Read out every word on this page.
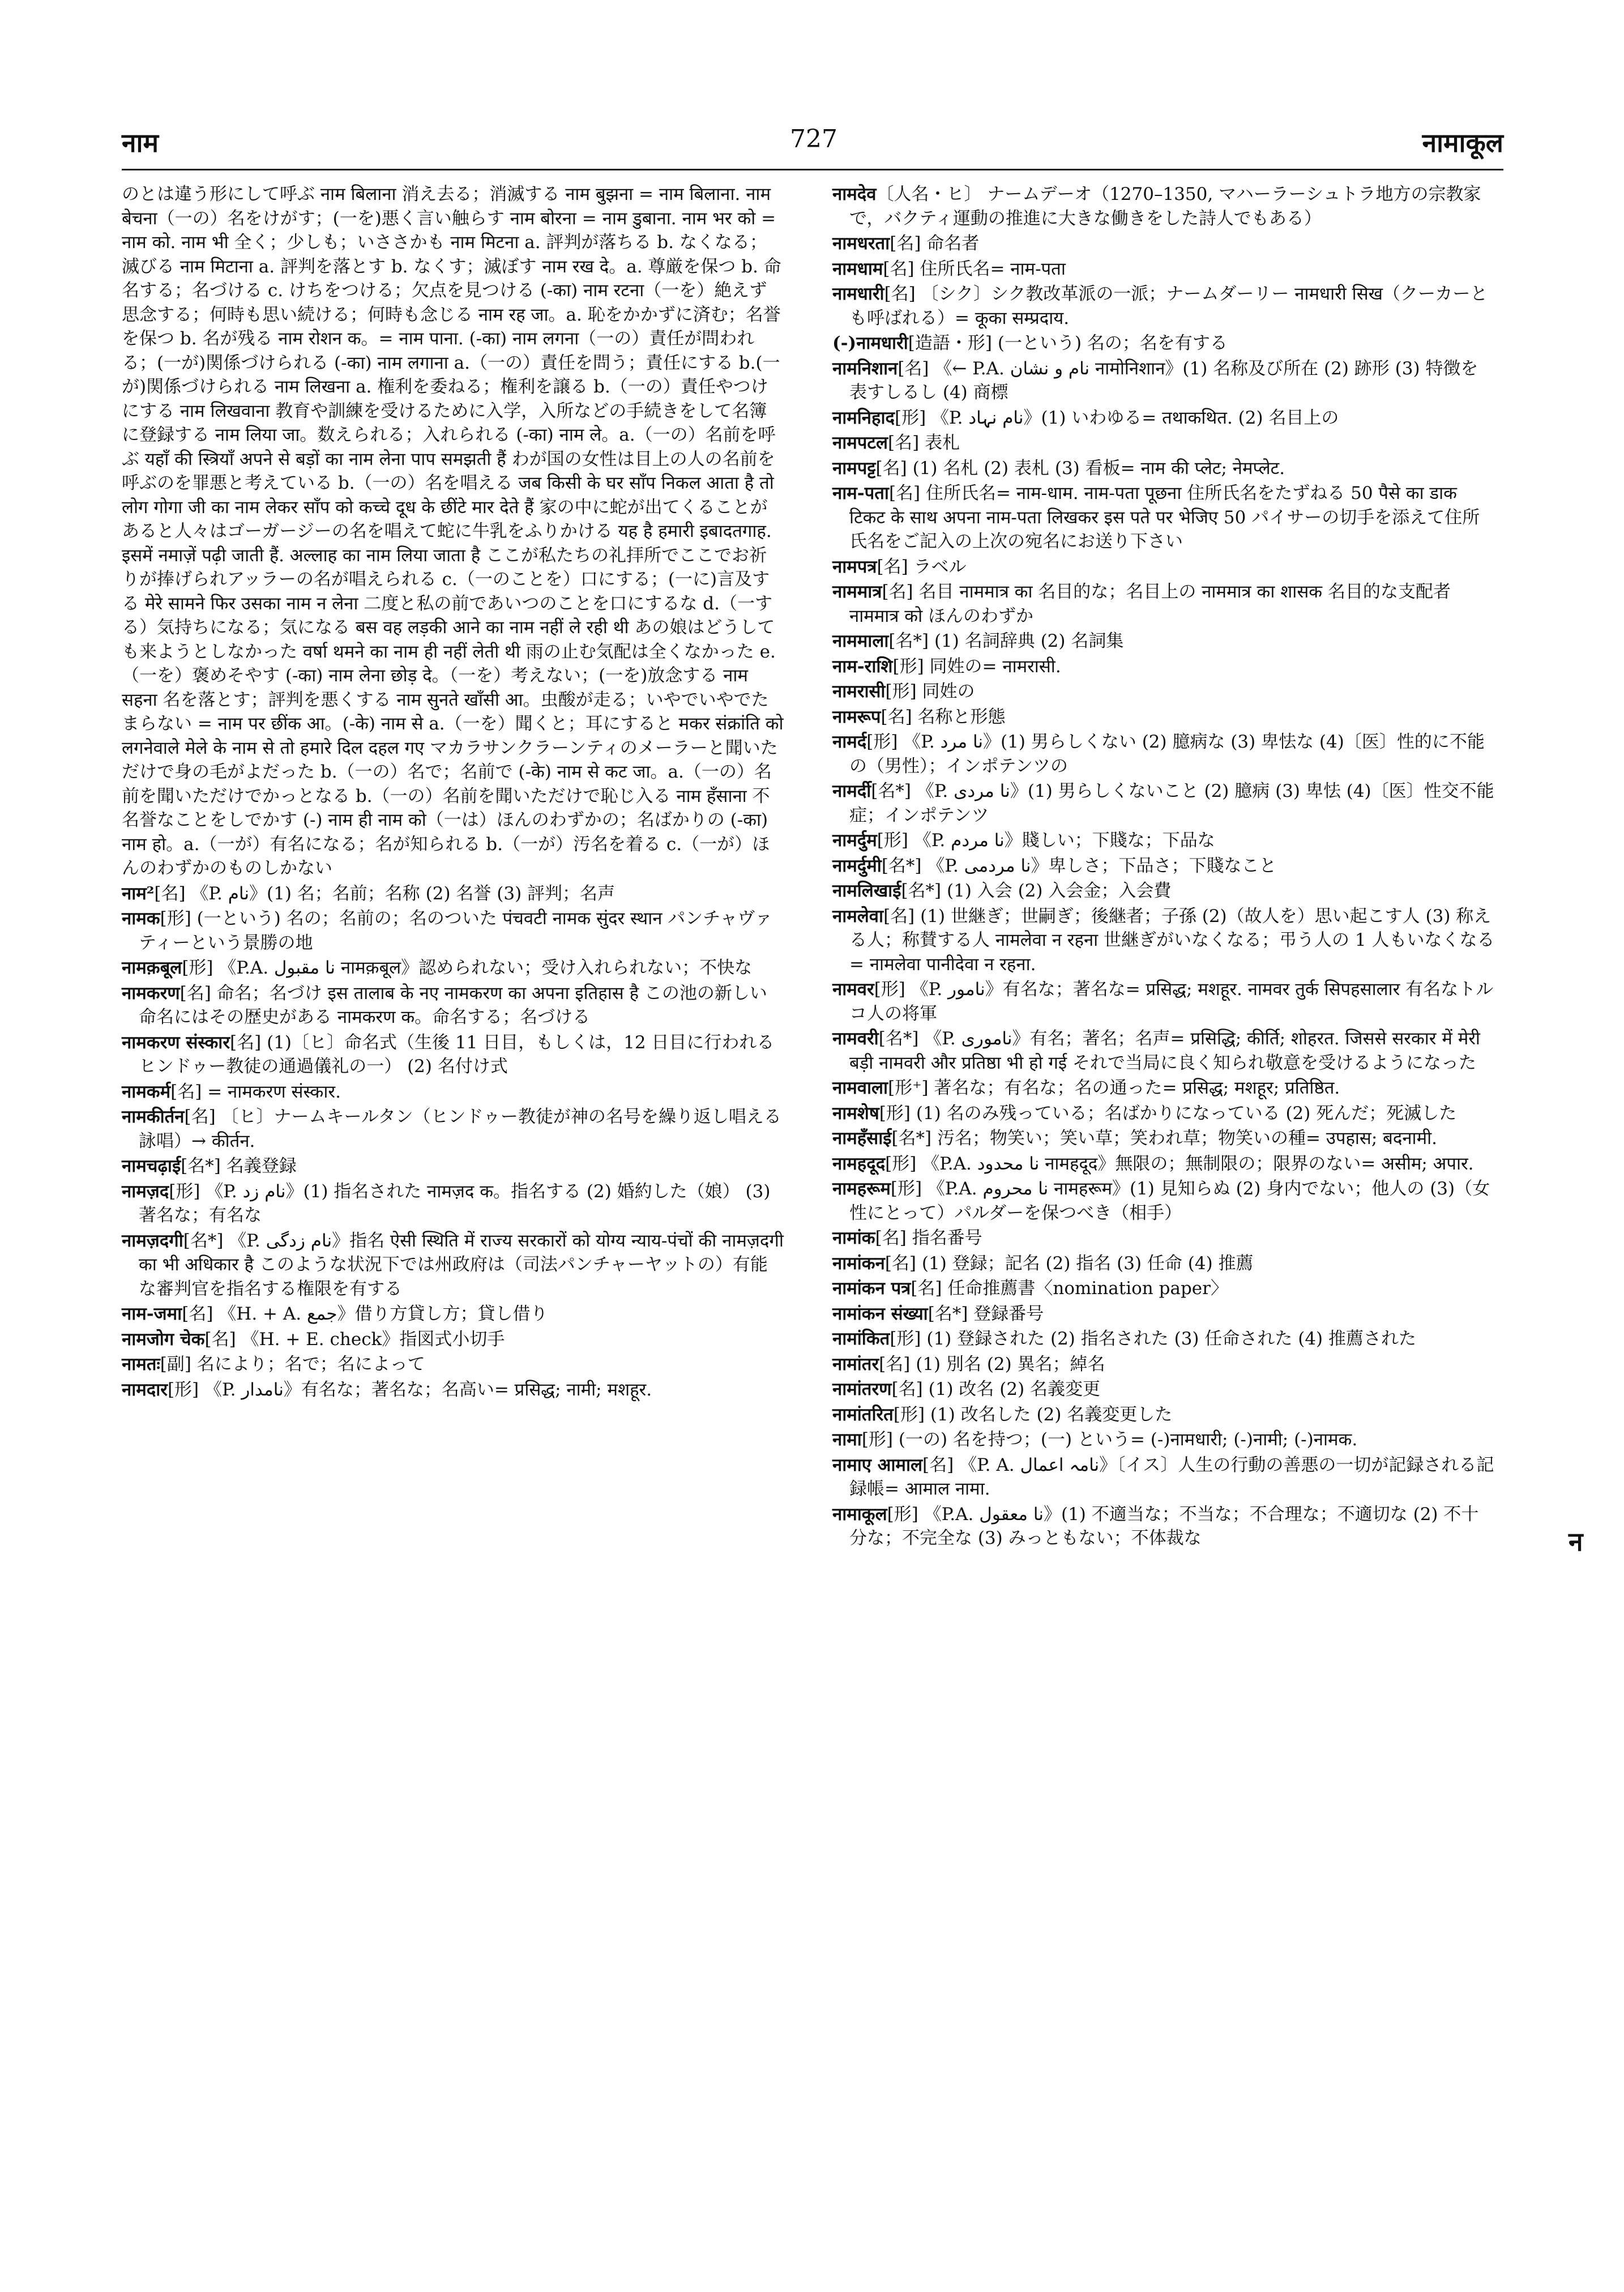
नाम	727	नामाकूल

のとは違う形にして呼ぶ नाम बिलाना 消え去る；消滅する नाम बुझना = नाम बिलाना. नाम बेचना（一の）名をけがす；(一を)悪く言い触らす नाम बोरना = नाम डुबाना. नाम भर को = नाम को. नाम भी 全く；少しも；いささかも नाम मिटना a. 評判が落ちる b. なくなる；滅びる नाम मिटाना a. 評判を落とす b. なくす；滅ぼす नाम रख दे。a. 尊厳を保つ b. 命名する；名づける c. けちをつける；欠点を見つける (-का) नाम रटना（一を）絶えず思念する；何時も思い続ける；何時も念じる नाम रह जा。a. 恥をかかずに済む；名誉を保つ b. 名が残る नाम रोशन क。= नाम पाना. (-का) नाम लगना（一の）責任が問われる；(一が)関係づけられる (-का) नाम लगाना a.（一の）責任を問う；責任にする b.(一が)関係づけられる नाम लिखना a. 権利を委ねる；権利を譲る b.（一の）責任やつけにする नाम लिखवाना 教育や訓練を受けるために入学，入所などの手続きをして名簿に登録する नाम लिया जा。数えられる；入れられる (-का) नाम ले。a.（一の）名前を呼ぶ यहाँ की स्त्रियाँ अपने से बड़ों का नाम लेना पाप समझती हैं わが国の女性は目上の人の名前を呼ぶのを罪悪と考えている b.（一の）名を唱える जब किसी के घर साँप निकल आता है तो लोग गोगा जी का नाम लेकर साँप को कच्चे दूध के छींटे मार देते हैं 家の中に蛇が出てくることがあると人々はゴーガージーの名を唱えて蛇に牛乳をふりかける यह है हमारी इबादतगाह. इसमें नमाज़ें पढ़ी जाती हैं. अल्लाह का नाम लिया जाता है ここが私たちの礼拝所でここでお祈りが捧げられアッラーの名が唱えられる c.（一のことを）口にする；(一に)言及する मेरे सामने फिर उसका नाम न लेना 二度と私の前であいつのことを口にするな d.（一する）気持ちになる；気になる बस वह लड़की आने का नाम नहीं ले रही थी あの娘はどうしても来ようとしなかった वर्षा थमने का नाम ही नहीं लेती थी 雨の止む気配は全くなかった e.（一を）褒めそやす (-का) नाम लेना छोड़ दे。（一を）考えない；(一を)放念する नाम सहना 名を落とす；評判を悪くする नाम सुनते खाँसी आ。虫酸が走る；いやでいやでたまらない = नाम पर छींक आ。(-के) नाम से a.（一を）聞くと；耳にすると मकर संक्रांति को लगनेवाले मेले के नाम से तो हमारे दिल दहल गए マカラサンクラーンティのメーラーと聞いただけで身の毛がよだった b.（一の）名で；名前で (-के) नाम से कट जा。a.（一の）名前を聞いただけでかっとなる b.（一の）名前を聞いただけで恥じ入る नाम हँसाना 不名誉なことをしでかす (-) नाम ही नाम को（一は）ほんのわずかの；名ばかりの (-का) नाम हो。a.（一が）有名になる；名が知られる b.（一が）汚名を着る c.（一が）ほんのわずかのものしかない

नाम²[名] 《P. نام》(1) 名；名前；名称 (2) 名誉 (3) 評判；名声

नामक[形] (一という) 名の；名前の；名のついた पंचवटी नामक सुंदर स्थान パンチャヴァティーという景勝の地

नामक़बूल[形] 《P.A. نا مقبول नामक़बूल》認められない；受け入れられない；不快な

नामकरण[名] 命名；名づけ इस तालाब के नए नामकरण का अपना इतिहास है この池の新しい命名にはその歴史がある नामकरण क。命名する；名づける

नामकरण संस्कार[名] (1)〔ヒ〕命名式（生後 11 日目，もしくは，12 日目に行われるヒンドゥー教徒の通過儀礼の一） (2) 名付け式

नामकर्म[名] = नामकरण संस्कार.

नामकीर्तन[名] 〔ヒ〕ナームキールタン（ヒンドゥー教徒が神の名号を繰り返し唱える詠唱）→ कीर्तन.

नामचढ़ाई[名*] 名義登録

नामज़द[形] 《P. نام زد》(1) 指名された नामज़द क。指名する (2) 婚約した（娘） (3) 著名な；有名な

नामज़दगी[名*] 《P. نام زدگی》指名 ऐसी स्थिति में राज्य सरकारों को योग्य न्याय-पंचों की नामज़दगी का भी अधिकार है このような状況下では州政府は（司法パンチャーヤットの）有能な審判官を指名する権限を有する

नाम-जमा[名] 《H. + A. جمع》借り方貸し方；貸し借り

नामजोग चेक[名] 《H. + E. check》指図式小切手

नामतः[副] 名により；名で；名によって

नामदार[形] 《P. نامدار》有名な；著名な；名高い= प्रसिद्ध; नामी; मशहूर.

नामदेव〔人名・ヒ〕 ナームデーオ（1270–1350, マハーラーシュトラ地方の宗教家で，バクティ運動の推進に大きな働きをした詩人でもある）

नामधरता[名] 命名者

नामधाम[名] 住所氏名= नाम-पता

नामधारी[名] 〔シク〕シク教改革派の一派；ナームダーリー नामधारी सिख（クーカーとも呼ばれる）= कूका सम्प्रदाय.

(-)नामधारी[造語・形] (一という) 名の；名を有する

नामनिशान[名] 《← P.A. نام و نشان नामोनिशान》(1) 名称及び所在 (2) 跡形 (3) 特徴を表すしるし (4) 商標

नामनिहाद[形] 《P. نام نہاد》(1) いわゆる= तथाकथित. (2) 名目上の

नामपटल[名] 表札

नामपट्ट[名] (1) 名札 (2) 表札 (3) 看板= नाम की प्लेट; नेमप्लेट.

नाम-पता[名] 住所氏名= नाम-धाम. नाम-पता पूछना 住所氏名をたずねる 50 पैसे का डाक टिकट के साथ अपना नाम-पता लिखकर इस पते पर भेजिए 50 パイサーの切手を添えて住所氏名をご記入の上次の宛名にお送り下さい

नामपत्र[名] ラベル

नाममात्र[名] 名目 नाममात्र का 名目的な；名目上の नाममात्र का शासक 名目的な支配者 नाममात्र को ほんのわずか

नाममाला[名*] (1) 名詞辞典 (2) 名詞集

नाम-राशि[形] 同姓の= नामरासी.

नामरासी[形] 同姓の

नामरूप[名] 名称と形態

नामर्द[形] 《P. نا مرد》(1) 男らしくない (2) 臆病な (3) 卑怯な (4)〔医〕性的に不能の（男性）；インポテンツの

नामर्दी[名*] 《P. نا مردی》(1) 男らしくないこと (2) 臆病 (3) 卑怯 (4)〔医〕性交不能症；インポテンツ

नामर्दुम[形] 《P. نا مردم》賤しい；下賤な；下品な

नामर्दुमी[名*] 《P. نا مردمی》卑しさ；下品さ；下賤なこと

नामलिखाई[名*] (1) 入会 (2) 入会金；入会費

नामलेवा[名] (1) 世継ぎ；世嗣ぎ；後継者；子孫 (2)（故人を）思い起こす人 (3) 称える人；称賛する人 नामलेवा न रहना 世継ぎがいなくなる；弔う人の 1 人もいなくなる= नामलेवा पानीदेवा न रहना.

नामवर[形] 《P. نامور》有名な；著名な= प्रसिद्ध; मशहूर. नामवर तुर्क सिपहसालार 有名なトルコ人の将軍

नामवरी[名*] 《P. ناموری》有名；著名；名声= प्रसिद्धि; कीर्ति; शोहरत. जिससे सरकार में मेरी बड़ी नामवरी और प्रतिष्ठा भी हो गई それで当局に良く知られ敬意を受けるようになった

नामवाला[形⁺] 著名な；有名な；名の通った= प्रसिद्ध; मशहूर; प्रतिष्ठित.

नामशेष[形] (1) 名のみ残っている；名ばかりになっている (2) 死んだ；死滅した

नामहँसाई[名*] 汚名；物笑い；笑い草；笑われ草；物笑いの種= उपहास; बदनामी.

नामहदूद[形] 《P.A. نا محدود नामहदूद》無限の；無制限の；限界のない= असीम; अपार.

नामहरूम[形] 《P.A. نا محروم नामहरूम》(1) 見知らぬ (2) 身内でない；他人の (3)（女性にとって）パルダーを保つべき（相手）

नामांक[名] 指名番号

नामांकन[名] (1) 登録；記名 (2) 指名 (3) 任命 (4) 推薦

नामांकन पत्र[名] 任命推薦書〈nomination paper〉

नामांकन संख्या[名*] 登録番号

नामांकित[形] (1) 登録された (2) 指名された (3) 任命された (4) 推薦された

नामांतर[名] (1) 別名 (2) 異名；綽名

नामांतरण[名] (1) 改名 (2) 名義変更

नामांतरित[形] (1) 改名した (2) 名義変更した

नामा[形] (一の) 名を持つ；(一) という= (-)नामधारी; (-)नामी; (-)नामक.

नामाए आमाल[名] 《P. A. نامہ اعمال》〔イス〕人生の行動の善悪の一切が記録される記録帳= आमाल नामा.

नामाकूल[形] 《P.A. نا معقول》(1) 不適当な；不当な；不合理な；不適切な (2) 不十分な；不完全な (3) みっともない；不体裁な	न
